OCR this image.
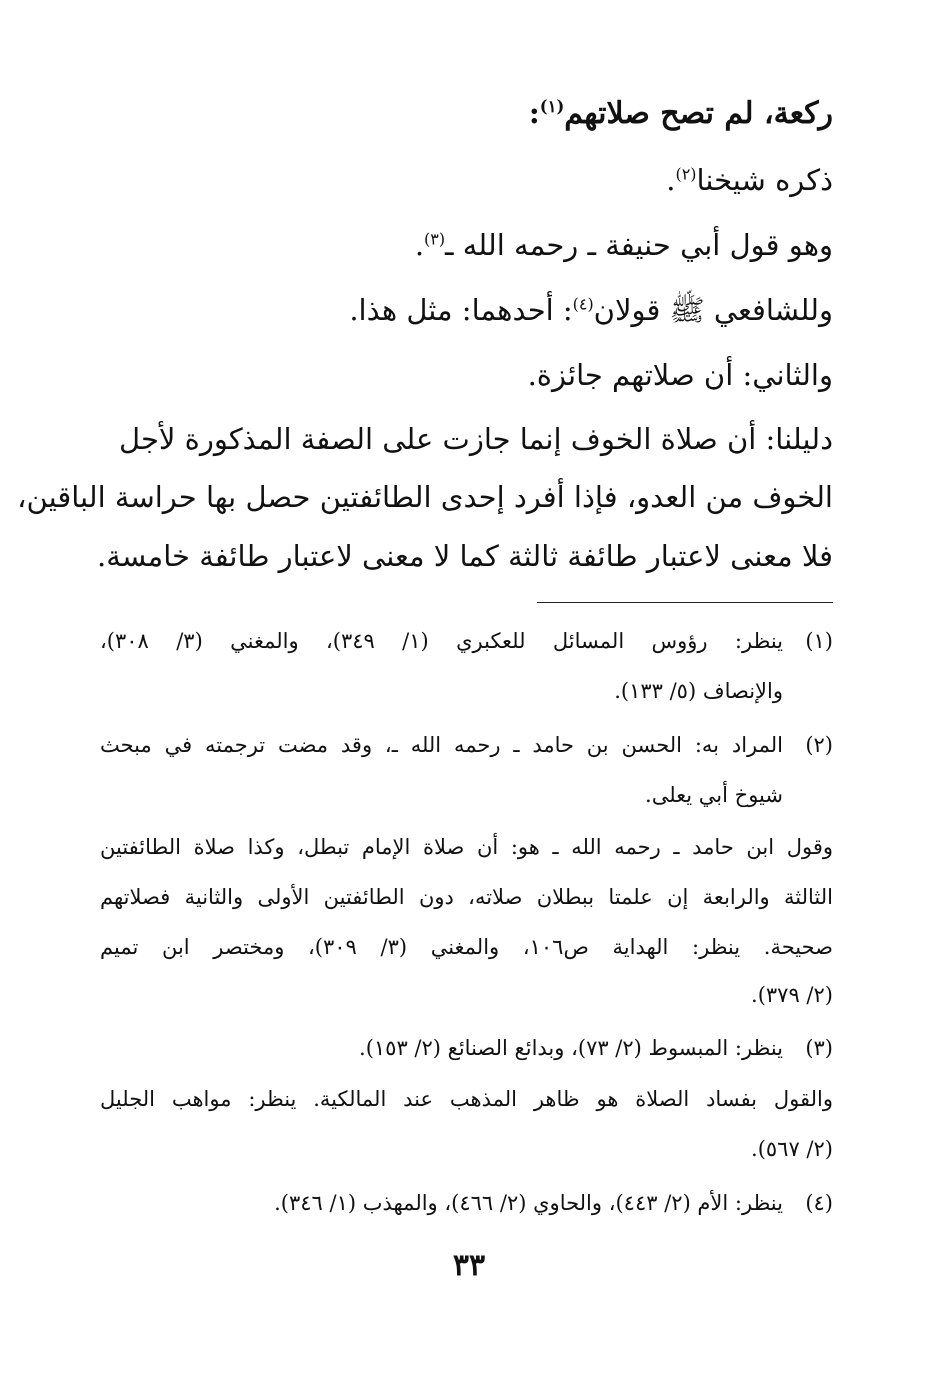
ركعة، لم تصح صلاتهم$^{(١)}$:
ذكره شيخنا$^{(٢)}$.
وهو قول أبي حنيفة ـ رحمه الله ـ$^{(٣)}$.
وللشافعي ﷺ قولان$^{(٤)}$: أحدهما: مثل هذا.
والثاني: أن صلاتهم جائزة.
دليلنا: أن صلاة الخوف إنما جازت على الصفة المذكورة لأجل
الخوف من العدو، فإذا أفرد إحدى الطائفتين حصل بها حراسة الباقين،
فلا معنى لاعتبار طائفة ثالثة كما لا معنى لاعتبار طائفة خامسة.
(١)
ينظر: رؤوس المسائل للعكبري (١/ ٣٤٩)، والمغني (٣/ ٣٠٨)،
والإنصاف (٥/ ١٣٣).
(٢)
المراد به: الحسن بن حامد ـ رحمه الله ـ، وقد مضت ترجمته في مبحث
شيوخ أبي يعلى.
وقول ابن حامد ـ رحمه الله ـ هو: أن صلاة الإمام تبطل، وكذا صلاة الطائفتين
الثالثة والرابعة إن علمتا ببطلان صلاته، دون الطائفتين الأولى والثانية فصلاتهم
صحيحة. ينظر: الهداية ص١٠٦، والمغني (٣/ ٣٠٩)، ومختصر ابن تميم
(٢/ ٣٧٩).
(٣)
ينظر: المبسوط (٢/ ٧٣)، وبدائع الصنائع (٢/ ١٥٣).
والقول بفساد الصلاة هو ظاهر المذهب عند المالكية. ينظر: مواهب الجليل
(٢/ ٥٦٧).
(٤)
ينظر: الأم (٢/ ٤٤٣)، والحاوي (٢/ ٤٦٦)، والمهذب (١/ ٣٤٦).
٣٣
